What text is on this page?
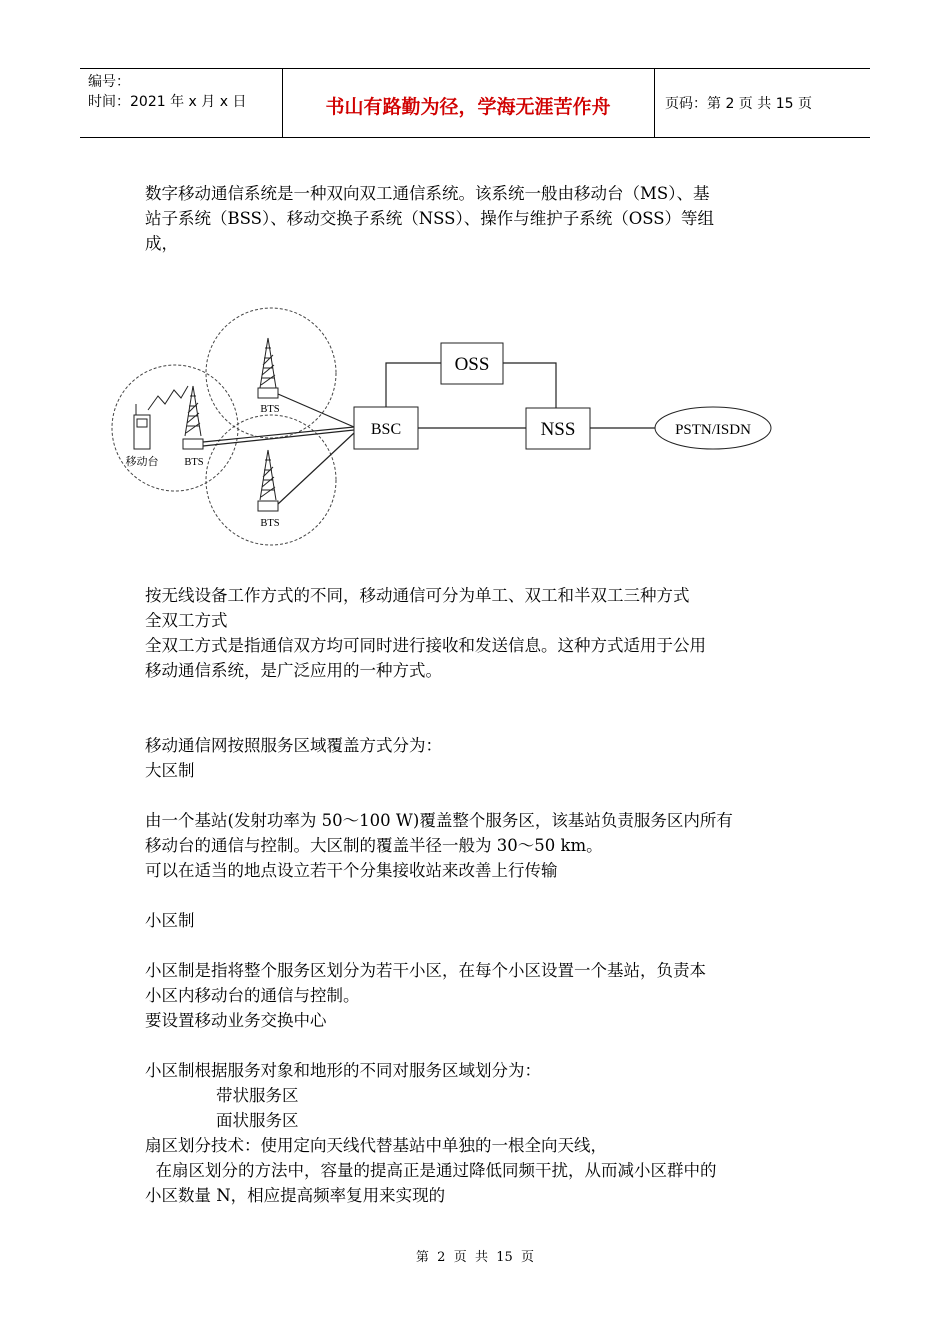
编号：
时间：2021 年 x 月 x 日	书山有路勤为径，学海无涯苦作舟	页码：第 2 页 共 15 页
数字移动通信系统是一种双向双工通信系统。该系统一般由移动台（MS）、基
站子系统（BSS）、移动交换子系统（NSS）、操作与维护子系统（OSS）等组
成，
OSS
BSC	NSS	PSTN/ISDN
BTS
BTS
BTS
移动台
按无线设备工作方式的不同，移动通信可分为单工、双工和半双工三种方式
全双工方式
全双工方式是指通信双方均可同时进行接收和发送信息。这种方式适用于公用
移动通信系统，是广泛应用的一种方式。
移动通信网按照服务区域覆盖方式分为：
大区制
由一个基站(发射功率为 50～100 W)覆盖整个服务区，该基站负责服务区内所有
移动台的通信与控制。大区制的覆盖半径一般为 30～50 km。
可以在适当的地点设立若干个分集接收站来改善上行传输
小区制
小区制是指将整个服务区划分为若干小区，在每个小区设置一个基站，负责本
小区内移动台的通信与控制。
要设置移动业务交换中心
小区制根据服务对象和地形的不同对服务区域划分为：
带状服务区
面状服务区
扇区划分技术：使用定向天线代替基站中单独的一根全向天线，
在扇区划分的方法中，容量的提高正是通过降低同频干扰，从而减小区群中的
小区数量 N，相应提高频率复用来实现的
第  2  页  共  15  页
